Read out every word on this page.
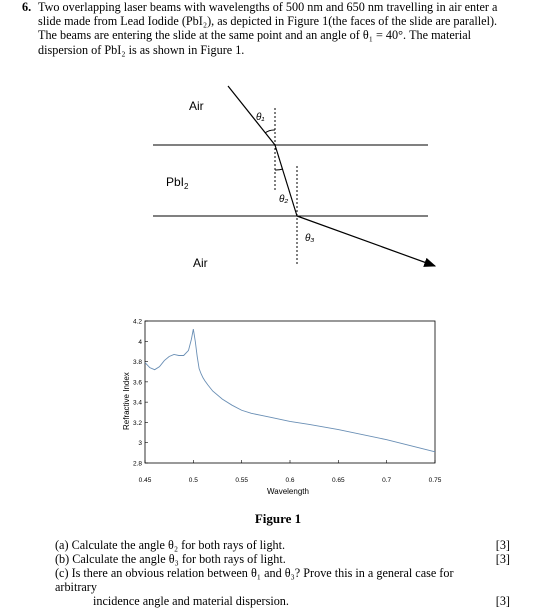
6. Two overlapping laser beams with wavelengths of 500 nm and 650 nm travelling in air enter a
slide made from Lead Iodide (PbI₂), as depicted in Figure 1(the faces of the slide are parallel).
The beams are entering the slide at the same point and an angle of θ₁ = 40°. The material
dispersion of PbI₂ is as shown in Figure 1.
Air
PbI$_2$
Air
θ₁
θ₂
θ₃
2.8
3
3.2
3.4
3.6
3.8
4
4.2
0.45	0.5	0.55	0.6	0.65	0.7	0.75
Wavelength
Refractive Index
Figure 1
(a) Calculate the angle θ₂ for both rays of light.	[3]
(b) Calculate the angle θ₃ for both rays of light.	[3]
(c) Is there an obvious relation between θ₁ and θ₃? Prove this in a general case for arbitrary
incidence angle and material dispersion.	[3]
